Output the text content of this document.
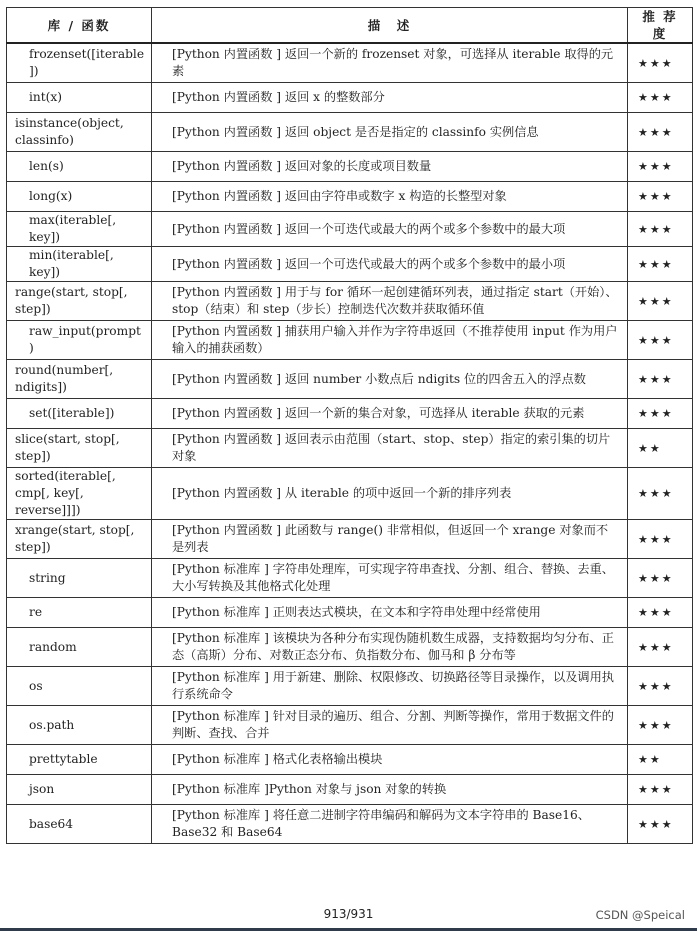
库 / 函数	描　述	推 荐 度
frozenset([iterable])	[Python 内置函数 ] 返回一个新的 frozenset 对象，可选择从 iterable 取得的元素	★★★
int(x)	[Python 内置函数 ] 返回 x 的整数部分	★★★
isinstance(object, classinfo)	[Python 内置函数 ] 返回 object 是否是指定的 classinfo 实例信息	★★★
len(s)	[Python 内置函数 ] 返回对象的长度或项目数量	★★★
long(x)	[Python 内置函数 ] 返回由字符串或数字 x 构造的长整型对象	★★★
max(iterable[, key])	[Python 内置函数 ] 返回一个可迭代或最大的两个或多个参数中的最大项	★★★
min(iterable[, key])	[Python 内置函数 ] 返回一个可迭代或最大的两个或多个参数中的最小项	★★★
range(start, stop[, step])	[Python 内置函数 ] 用于与 for 循环一起创建循环列表，通过指定 start（开始）、stop（结束）和 step（步长）控制迭代次数并获取循环值	★★★
raw_input(prompt)	[Python 内置函数 ] 捕获用户输入并作为字符串返回（不推荐使用 input 作为用户输入的捕获函数）	★★★
round(number[, ndigits])	[Python 内置函数 ] 返回 number 小数点后 ndigits 位的四舍五入的浮点数	★★★
set([iterable])	[Python 内置函数 ] 返回一个新的集合对象，可选择从 iterable 获取的元素	★★★
slice(start, stop[, step])	[Python 内置函数 ] 返回表示由范围（start、stop、step）指定的索引集的切片对象	★★
sorted(iterable[, cmp[, key[, reverse]]])	[Python 内置函数 ] 从 iterable 的项中返回一个新的排序列表	★★★
xrange(start, stop[, step])	[Python 内置函数 ] 此函数与 range() 非常相似，但返回一个 xrange 对象而不是列表	★★★
string	[Python 标准库 ] 字符串处理库，可实现字符串查找、分割、组合、替换、去重、大小写转换及其他格式化处理	★★★
re	[Python 标准库 ] 正则表达式模块，在文本和字符串处理中经常使用	★★★
random	[Python 标准库 ] 该模块为各种分布实现伪随机数生成器，支持数据均匀分布、正态（高斯）分布、对数正态分布、负指数分布、伽马和 β 分布等	★★★
os	[Python 标准库 ] 用于新建、删除、权限修改、切换路径等目录操作，以及调用执行系统命令	★★★
os.path	[Python 标准库 ] 针对目录的遍历、组合、分割、判断等操作，常用于数据文件的判断、查找、合并	★★★
prettytable	[Python 标准库 ] 格式化表格输出模块	★★
json	[Python 标准库 ]Python 对象与 json 对象的转换	★★★
base64	[Python 标准库 ] 将任意二进制字符串编码和解码为文本字符串的 Base16、Base32 和 Base64	★★★
913/931	CSDN @Speical
